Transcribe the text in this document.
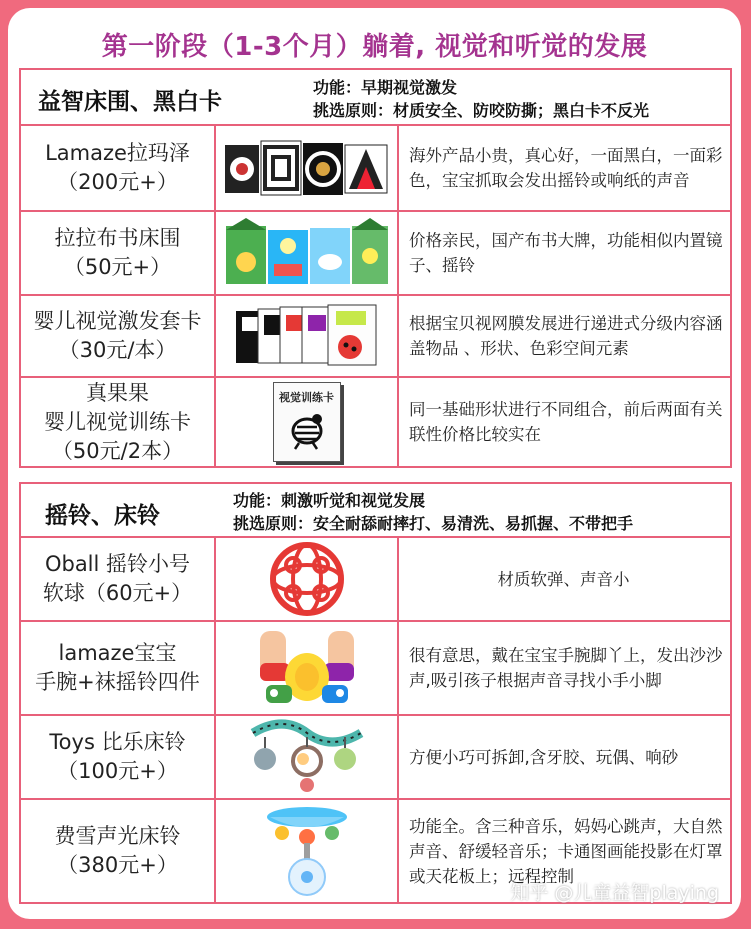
第一阶段（1-3个月）躺着, 视觉和听觉的发展
益智床围、黑白卡
功能：早期视觉激发
挑选原则：材质安全、防咬防撕；黑白卡不反光
Lamaze拉玛泽
（200元+）
海外产品小贵，真心好，一面黑白，一面彩色，宝宝抓取会发出摇铃或响纸的声音
拉拉布书床围
（50元+）
价格亲民，国产布书大牌，功能相似内置镜子、摇铃
婴儿视觉激发套卡
（30元/本）
根据宝贝视网膜发展进行递进式分级内容涵盖物品 、形状、色彩空间元素
真果果
婴儿视觉训练卡
（50元/2本）
视觉训练卡
同一基础形状进行不同组合，前后两面有关联性价格比较实在
摇铃、床铃
功能：刺激听觉和视觉发展
挑选原则：安全耐舔耐摔打、易清洗、易抓握、不带把手
Oball 摇铃小号
软球（60元+）
材质软弹、声音小
lamaze宝宝
手腕+袜摇铃四件
很有意思，戴在宝宝手腕脚丫上，发出沙沙声,吸引孩子根据声音寻找小手小脚
Toys 比乐床铃
（100元+）
方便小巧可拆卸,含牙胶、玩偶、响砂
费雪声光床铃
（380元+）
功能全。含三种音乐，妈妈心跳声，大自然声音、舒缓轻音乐；卡通图画能投影在灯罩或天花板上；远程控制
知乎 @儿童益智playing
